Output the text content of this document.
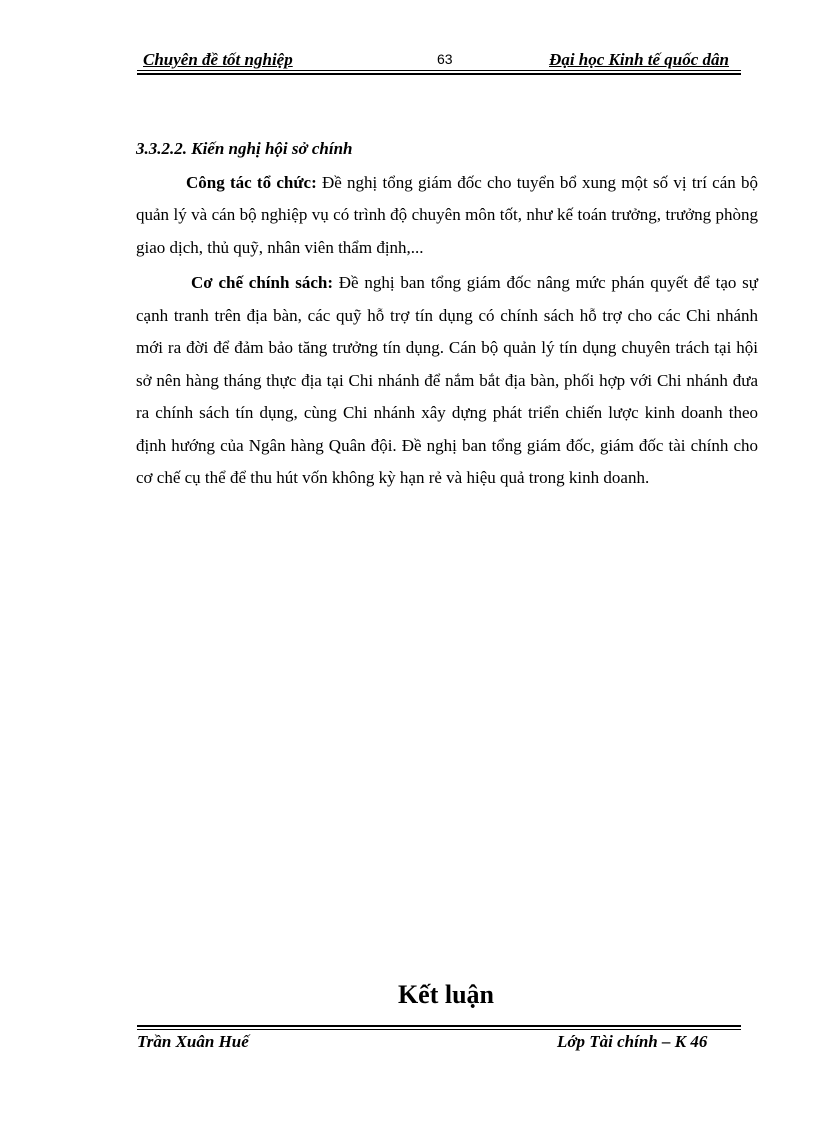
Chuyên đề tốt nghiệp	63	Đại học Kinh tế quốc dân

3.3.2.2. Kiến nghị hội sở chính

Công tác tổ chức: Đề nghị tổng giám đốc cho tuyển bổ xung một số vị trí cán bộ quản lý và cán bộ nghiệp vụ có trình độ chuyên môn tốt, như kế toán trưởng, trưởng phòng giao dịch, thủ quỹ, nhân viên thẩm định,...

Cơ chế chính sách: Đề nghị ban tổng giám đốc nâng mức phán quyết để tạo sự cạnh tranh trên địa bàn, các quỹ hỗ trợ tín dụng có chính sách hỗ trợ cho các Chi nhánh mới ra đời để đảm bảo tăng trưởng tín dụng. Cán bộ quản lý tín dụng chuyên trách tại hội sở nên hàng tháng thực địa tại Chi nhánh để nắm bắt địa bàn, phối hợp với Chi nhánh đưa ra chính sách tín dụng, cùng Chi nhánh xây dựng phát triển chiến lược kinh doanh theo định hướng của Ngân hàng Quân đội. Đề nghị ban tổng giám đốc, giám đốc tài chính cho cơ chế cụ thể để thu hút vốn không kỳ hạn rẻ và hiệu quả trong kinh doanh.

Kết luận
Trần Xuân Huế	Lớp Tài chính – K 46
